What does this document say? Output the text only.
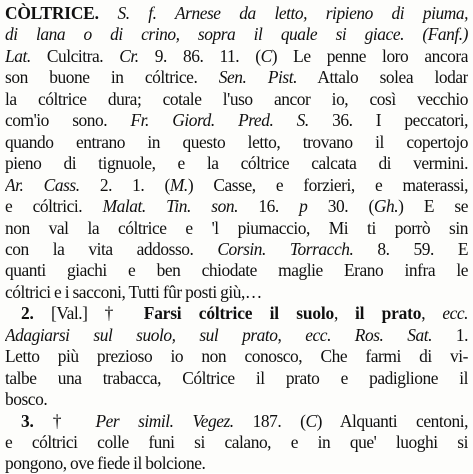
CÒLTRICE. S. f. Arnese da letto, ripieno di piuma,
di lana o di crino, sopra il quale si giace. (Fanf.)
Lat. Culcitra. Cr. 9. 86. 11. (C) Le penne loro ancora
son buone in cóltrice. Sen. Pist. Attalo solea lodar
la cóltrice dura; cotale l'uso ancor io, così vecchio
com'io sono. Fr. Giord. Pred. S. 36. I peccatori,
quando entrano in questo letto, trovano il copertojo
pieno di tignuole, e la cóltrice calcata di vermini.
Ar. Cass. 2. 1. (M.) Casse, e forzieri, e materassi,
e cóltrici. Malat. Tin. son. 16. p 30. (Gh.) E se
non val la cóltrice e 'l piumaccio, Mi ti porrò sin
con la vita addosso. Corsin. Torracch. 8. 59. E
quanti giachi e ben chiodate maglie Erano infra le
cóltrici e i sacconi, Tutti fûr posti giù,…
2. [Val.] † Farsi cóltrice il suolo, il prato, ecc.
Adagiarsi sul suolo, sul prato, ecc. Ros. Sat. 1.
Letto più prezioso io non conosco, Che farmi di vi-
talbe una trabacca, Cóltrice il prato e padiglione il
bosco.
3. † Per simil. Vegez. 187. (C) Alquanti centoni,
e cóltrici colle funi si calano, e in que' luoghi si
pongono, ove fiede il bolcione.
